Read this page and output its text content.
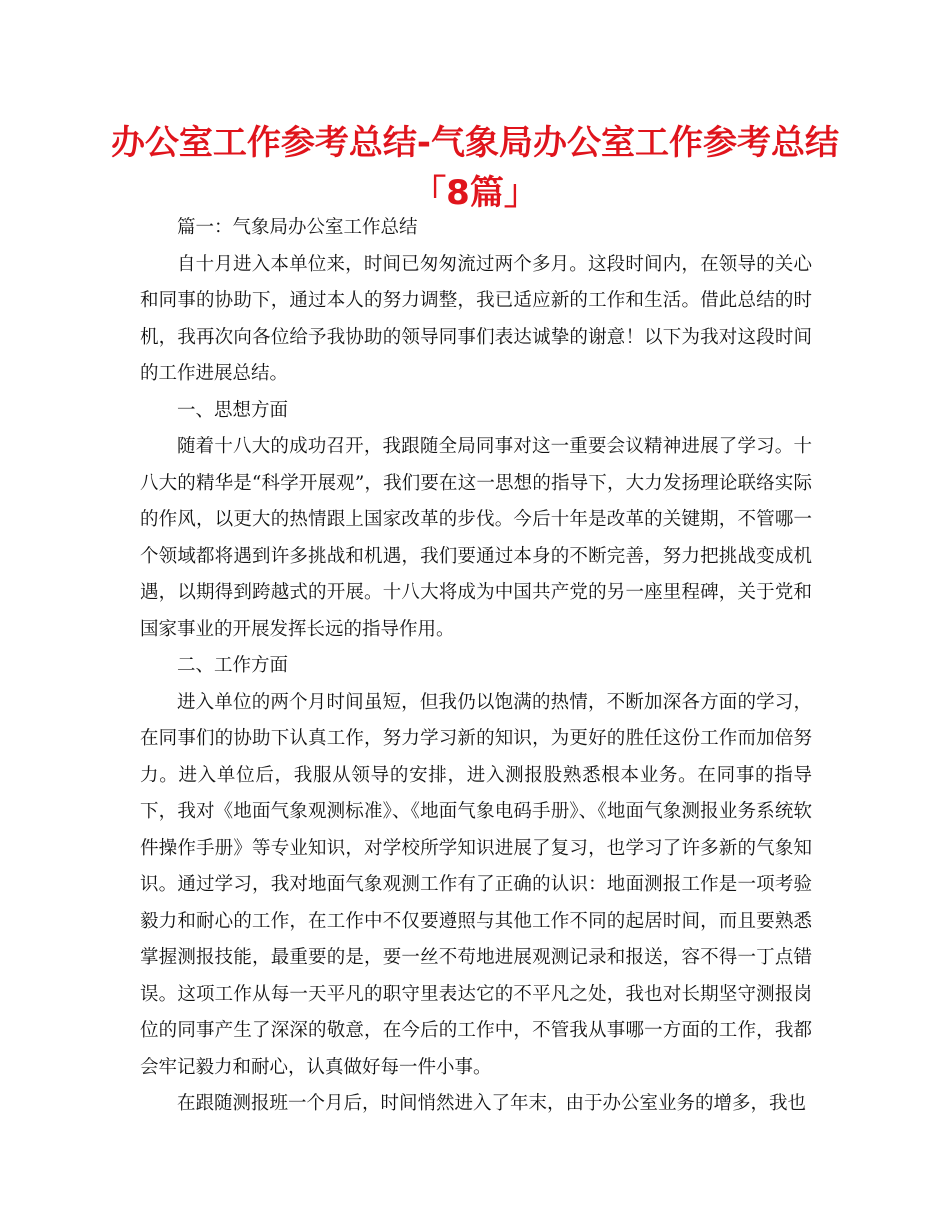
办公室工作参考总结-气象局办公室工作参考总结「8篇」

篇一：气象局办公室工作总结

自十月进入本单位来，时间已匆匆流过两个多月。这段时间内，在领导的关心和同事的协助下，通过本人的努力调整，我已适应新的工作和生活。借此总结的时机，我再次向各位给予我协助的领导同事们表达诚挚的谢意！以下为我对这段时间的工作进展总结。

一、思想方面

随着十八大的成功召开，我跟随全局同事对这一重要会议精神进展了学习。十八大的精华是“科学开展观”，我们要在这一思想的指导下，大力发扬理论联络实际的作风，以更大的热情跟上国家改革的步伐。今后十年是改革的关键期，不管哪一个领域都将遇到许多挑战和机遇，我们要通过本身的不断完善，努力把挑战变成机遇，以期得到跨越式的开展。十八大将成为中国共产党的另一座里程碑，关于党和国家事业的开展发挥长远的指导作用。

二、工作方面

进入单位的两个月时间虽短，但我仍以饱满的热情，不断加深各方面的学习，在同事们的协助下认真工作，努力学习新的知识，为更好的胜任这份工作而加倍努力。进入单位后，我服从领导的安排，进入测报股熟悉根本业务。在同事的指导下，我对《地面气象观测标准》、《地面气象电码手册》、《地面气象测报业务系统软件操作手册》等专业知识，对学校所学知识进展了复习，也学习了许多新的气象知识。通过学习，我对地面气象观测工作有了正确的认识：地面测报工作是一项考验毅力和耐心的工作，在工作中不仅要遵照与其他工作不同的起居时间，而且要熟悉掌握测报技能，最重要的是，要一丝不苟地进展观测记录和报送，容不得一丁点错误。这项工作从每一天平凡的职守里表达它的不平凡之处，我也对长期坚守测报岗位的同事产生了深深的敬意，在今后的工作中，不管我从事哪一方面的工作，我都会牢记毅力和耐心，认真做好每一件小事。

在跟随测报班一个月后，时间悄然进入了年末，由于办公室业务的增多，我也
